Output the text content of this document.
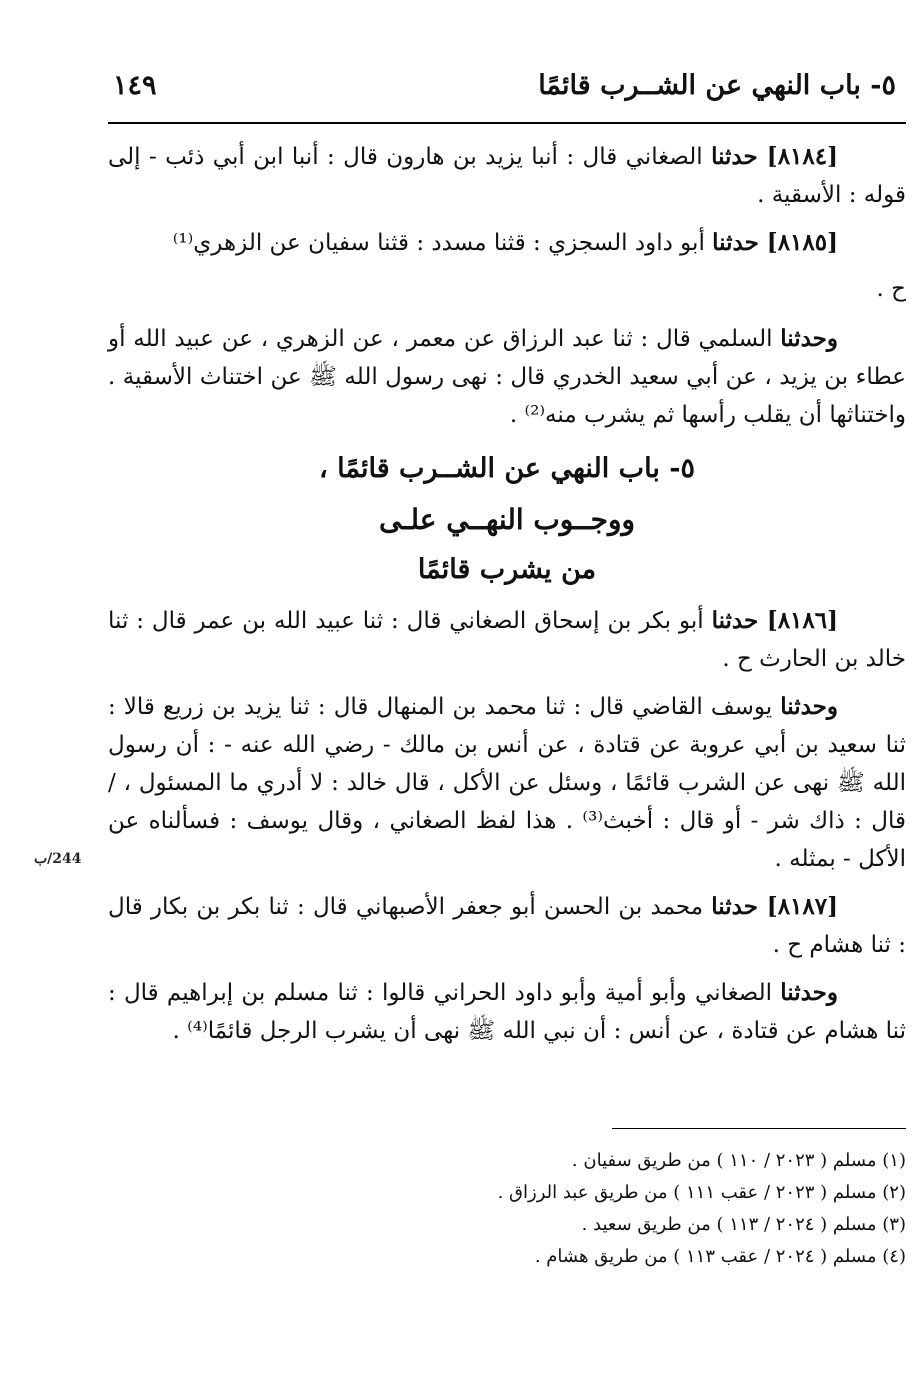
٥- باب النهي عن الشــرب قائمًا
١٤٩

[٨١٨٤] حدثنا الصغاني قال : أنبا يزيد بن هارون قال : أنبا ابن أبي ذئب - إلى قوله : الأسقية .

[٨١٨٥] حدثنا أبو داود السجزي : قثنا مسدد : قثنا سفيان عن الزهري⁽¹⁾

ح .

وحدثنا السلمي قال : ثنا عبد الرزاق عن معمر ، عن الزهري ، عن عبيد الله أو عطاء بن يزيد ، عن أبي سعيد الخدري قال : نهى رسول الله ﷺ عن اختناث الأسقية . واختناثها أن يقلب رأسها ثم يشرب منه⁽²⁾ .

٥- باب النهي عن الشــرب قائمًا ،
ووجــوب النهــي علـى
من يشرب قائمًا

[٨١٨٦] حدثنا أبو بكر بن إسحاق الصغاني قال : ثنا عبيد الله بن عمر قال : ثنا خالد بن الحارث ح .

وحدثنا يوسف القاضي قال : ثنا محمد بن المنهال قال : ثنا يزيد بن زريع قالا : ثنا سعيد بن أبي عروبة عن قتادة ، عن أنس بن مالك - رضي الله عنه - : أن رسول الله ﷺ نهى عن الشرب قائمًا ، وسئل عن الأكل ، قال خالد : لا أدري ما المسئول ، / قال : ذاك شر - أو قال : أخبث⁽³⁾ . هذا لفظ الصغاني ، وقال يوسف : فسألناه عن الأكل - بمثله .

[٨١٨٧] حدثنا محمد بن الحسن أبو جعفر الأصبهاني قال : ثنا بكر بن بكار قال : ثنا هشام ح .

وحدثنا الصغاني وأبو أمية وأبو داود الحراني قالوا : ثنا مسلم بن إبراهيم قال : ثنا هشام عن قتادة ، عن أنس : أن نبي الله ﷺ نهى أن يشرب الرجل قائمًا⁽⁴⁾ .

244/ب
(١) مسلم ( ٢٠٢٣ / ١١٠ ) من طريق سفيان .
(٢) مسلم ( ٢٠٢٣ / عقب ١١١ ) من طريق عبد الرزاق .
(٣) مسلم ( ٢٠٢٤ / ١١٣ ) من طريق سعيد .
(٤) مسلم ( ٢٠٢٤ / عقب ١١٣ ) من طريق هشام .
